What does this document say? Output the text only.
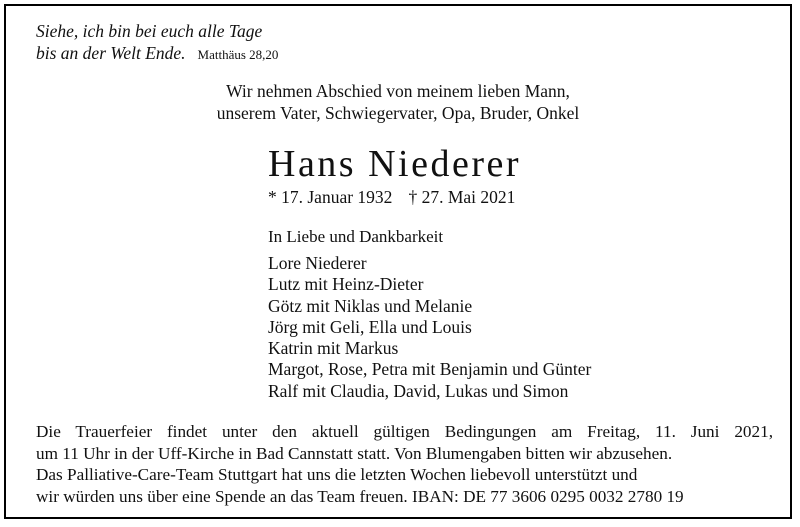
Siehe, ich bin bei euch alle Tage
bis an der Welt Ende. Matthäus 28,20
Wir nehmen Abschied von meinem lieben Mann,
unserem Vater, Schwiegervater, Opa, Bruder, Onkel
Hans Niederer
* 17. Januar 1932 † 27. Mai 2021
In Liebe und Dankbarkeit
Lore Niederer
Lutz mit Heinz-Dieter
Götz mit Niklas und Melanie
Jörg mit Geli, Ella und Louis
Katrin mit Markus
Margot, Rose, Petra mit Benjamin und Günter
Ralf mit Claudia, David, Lukas und Simon
Die Trauerfeier findet unter den aktuell gültigen Bedingungen am Freitag, 11. Juni 2021,
um 11 Uhr in der Uff-Kirche in Bad Cannstatt statt. Von Blumengaben bitten wir abzusehen.
Das Palliative-Care-Team Stuttgart hat uns die letzten Wochen liebevoll unterstützt und
wir würden uns über eine Spende an das Team freuen. IBAN: DE 77 3606 0295 0032 2780 19
